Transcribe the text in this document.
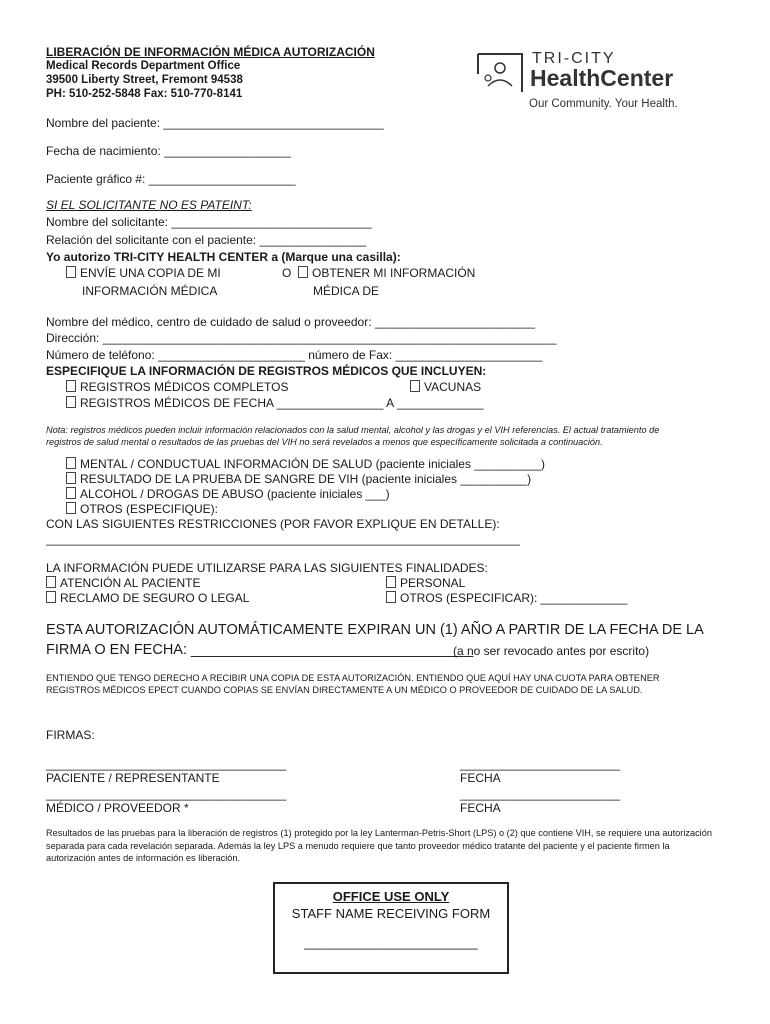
LIBERACIÓN DE INFORMACIÓN MÉDICA AUTORIZACIÓN
Medical Records Department Office
39500 Liberty Street, Fremont 94538
PH: 510-252-5848 Fax: 510-770-8141
TRI-CITY
HealthCenter
Our Community. Your Health.
Nombre del paciente: _________________________________
Fecha de nacimiento: ___________________
Paciente gráfico #: ______________________
SI EL SOLICITANTE NO ES PATEINT:
Nombre del solicitante: ______________________________
Relación del solicitante con el paciente: ________________
Yo autorizo TRI-CITY HEALTH CENTER a (Marque una casilla):
ENVÍE UNA COPIA DE MI
INFORMACIÓN MÉDICA
O OBTENER MI INFORMACIÓN
MÉDICA DE
Nombre del médico, centro de cuidado de salud o proveedor: ________________________
Dirección: ____________________________________________________________________
Número de teléfono: ______________________ número de Fax: ______________________
ESPECIFIQUE LA INFORMACIÓN DE REGISTROS MÉDICOS QUE INCLUYEN:
REGISTROS MÉDICOS COMPLETOS	VACUNAS
REGISTROS MÉDICOS DE FECHA ________________ A _____________
Nota: registros médicos pueden incluir información relacionados con la salud mental, alcohol y las drogas y el VIH referencias. El actual tratamiento de
registros de salud mental o resultados de las pruebas del VIH no será revelados a menos que específicamente solicitada a continuación.
MENTAL / CONDUCTUAL INFORMACIÓN DE SALUD (paciente iniciales __________)
RESULTADO DE LA PRUEBA DE SANGRE DE VIH (paciente iniciales __________)
ALCOHOL / DROGAS DE ABUSO (paciente iniciales ___)
OTROS (ESPECIFIQUE):
CON LAS SIGUIENTES RESTRICCIONES (POR FAVOR EXPLIQUE EN DETALLE):
_______________________________________________________________________
LA INFORMACIÓN PUEDE UTILIZARSE PARA LAS SIGUIENTES FINALIDADES:
ATENCIÓN AL PACIENTE	PERSONAL
RECLAMO DE SEGURO O LEGAL	OTROS (ESPECIFICAR): _____________
ESTA AUTORIZACIÓN AUTOMÁTICAMENTE EXPIRAN UN (1) AÑO A PARTIR DE LA FECHA DE LA
FIRMA O EN FECHA: ___________________________________
(a no ser revocado antes por escrito)
ENTIENDO QUE TENGO DERECHO A RECIBIR UNA COPIA DE ESTA AUTORIZACIÓN. ENTIENDO QUE AQUÍ HAY UNA CUOTA PARA OBTENER REGISTROS MÉDICOS EPECT CUANDO COPIAS SE ENVÍAN DIRECTAMENTE A UN MÉDICO O PROVEEDOR DE CUIDADO DE LA SALUD.
FIRMAS:
____________________________________	________________________
PACIENTE / REPRESENTANTE	FECHA
____________________________________	________________________
MÉDICO / PROVEEDOR *	FECHA
Resultados de las pruebas para la liberación de registros (1) protegido por la ley Lanterman-Petris-Short (LPS) o (2) que contiene VIH, se requiere una autorización separada para cada revelación separada. Además la ley LPS a menudo requiere que tanto proveedor médico tratante del paciente y el paciente firmen la autorización antes de información es liberación.
OFFICE USE ONLY
STAFF NAME RECEIVING FORM
________________________
